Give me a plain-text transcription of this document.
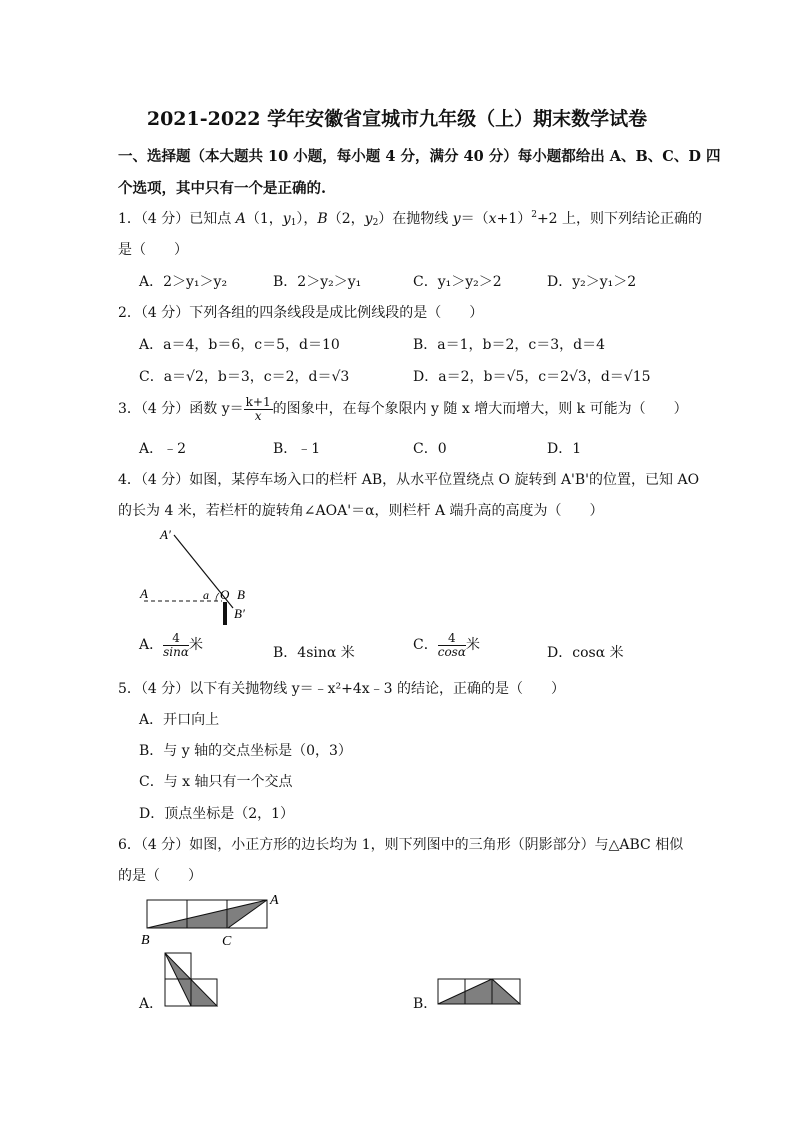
2021-2022 学年安徽省宣城市九年级（上）期末数学试卷
一、选择题（本大题共 10 小题，每小题 4 分，满分 40 分）每小题都给出 A、B、C、D 四
个选项，其中只有一个是正确的.
1．（4 分）已知点 A（1，$y_1$），B（2，$y_2$）在抛物线 $y=(x+1)^2+2$ 上，则下列结论正确的
是（　　）
A．2＞y₁＞y₂	B．2＞y₂＞y₁	C．y₁＞y₂＞2	D．y₂＞y₁＞2
2．（4 分）下列各组的四条线段是成比例线段的是（　　）
A．a＝4，b＝6，c＝5，d＝10	B．a＝1，b＝2，c＝3，d＝4
C．a＝√2，b＝3，c＝2，d＝√3	D．a＝2，b＝√5，c＝2√3，d＝√15
3．（4 分）函数 $y= \frac{k+1}{x}$ 的图象中，在每个象限内 y 随 x 增大而增大，则 k 可能为（　　）
A．﹣2	B．﹣1	C．0	D．1
4．（4 分）如图，某停车场入口的栏杆 AB，从水平位置绕点 O 旋转到 A'B'的位置，已知 AO
的长为 4 米，若栏杆的旋转角∠AOA'＝α，则栏杆 A 端升高的高度为（　　）
A′
A	a O B
B′
A． $\frac{4}{\sin\alpha}$ 米	B．4sinα 米	C． $\frac{4}{\cos\alpha}$ 米	D．cosα 米
5．（4 分）以下有关抛物线 y＝﹣x²+4x﹣3 的结论，正确的是（　　）
A．开口向上
B．与 y 轴的交点坐标是（0，3）
C．与 x 轴只有一个交点
D．顶点坐标是（2，1）
6．（4 分）如图，小正方形的边长均为 1，则下列图中的三角形（阴影部分）与△ABC 相似
的是（　　）
A
B	C
A．	B．
